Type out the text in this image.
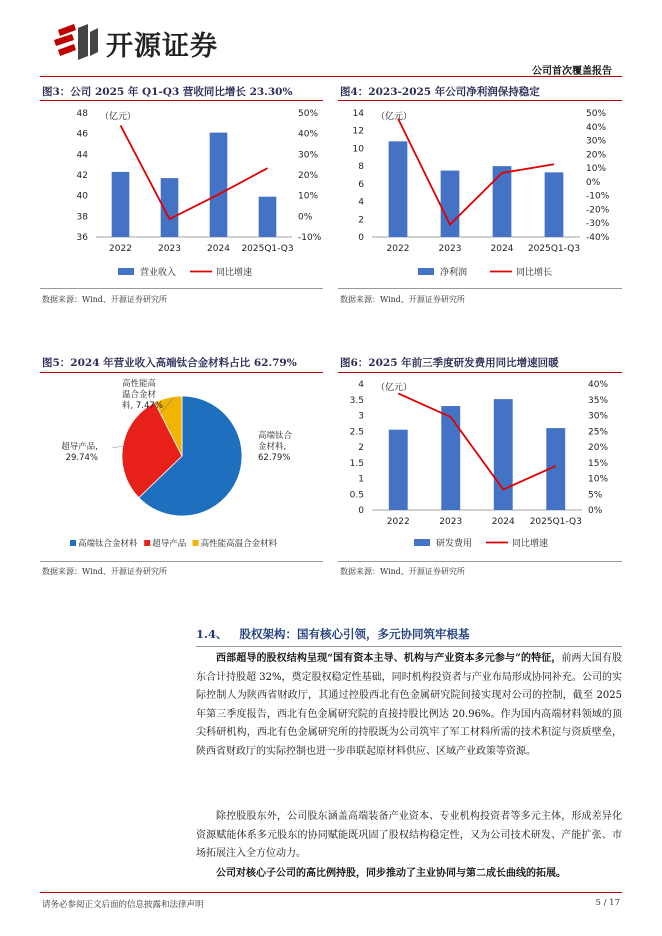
开源证券
公司首次覆盖报告
图3：公司 2025 年 Q1-Q3 营收同比增长 23.30%
36
38
40
42
44
46
48
-10%
0%
10%
20%
30%
40%
50%
（亿元）
2022	2023	2024 2025Q1-Q3
营业收入	同比增速
数据来源：Wind、开源证券研究所
图4：2023-2025 年公司净利润保持稳定
0
2
4
6
8
10
12
14
-40%
-30%
-20%
-10%
0%
10%
20%
30%
40%
50%
（亿元）
2022	2023	2024 2025Q1-Q3
净利润	同比增长
数据来源：Wind、开源证券研究所
图5：2024 年营业收入高端钛合金材料占比 62.79%
高端钛合
金材料,
62.79%
超导产品,
29.74%
高性能高
温合金材
料, 7.47%
高端钛合金材料 超导产品 高性能高温合金材料
数据来源：Wind、开源证券研究所
图6：2025 年前三季度研发费用同比增速回暖
0
0.5
1
1.5
2
2.5
3
3.5
4
0%
5%
10%
15%
20%
25%
30%
35%
40%
（亿元）
2022	2023	2024 2025Q1-Q3
研发费用	同比增速
数据来源：Wind、开源证券研究所
1.4、 股权架构：国有核心引领，多元协同筑牢根基
西部超导的股权结构呈现“国有资本主导、机构与产业资本多元参与”的特征，前两大国有股东合计持股超 32%，奠定股权稳定性基础，同时机构投资者与产业布局形成协同补充。公司的实际控制人为陕西省财政厅，其通过控股西北有色金属研究院间接实现对公司的控制，截至 2025 年第三季度报告，西北有色金属研究院的直接持股比例达 20.96%。作为国内高端材料领域的顶尖科研机构，西北有色金属研究所的持股既为公司筑牢了军工材料所需的技术积淀与资质壁垒，陕西省财政厅的实际控制也进一步串联起原材料供应、区域产业政策等资源。
除控股股东外，公司股东涵盖高端装备产业资本、专业机构投资者等多元主体，形成差异化资源赋能体系多元股东的协同赋能既巩固了股权结构稳定性，又为公司技术研发、产能扩张、市场拓展注入全方位动力。
公司对核心子公司的高比例持股，同步推动了主业协同与第二成长曲线的拓展。
请务必参阅正文后面的信息披露和法律声明	5 / 17
